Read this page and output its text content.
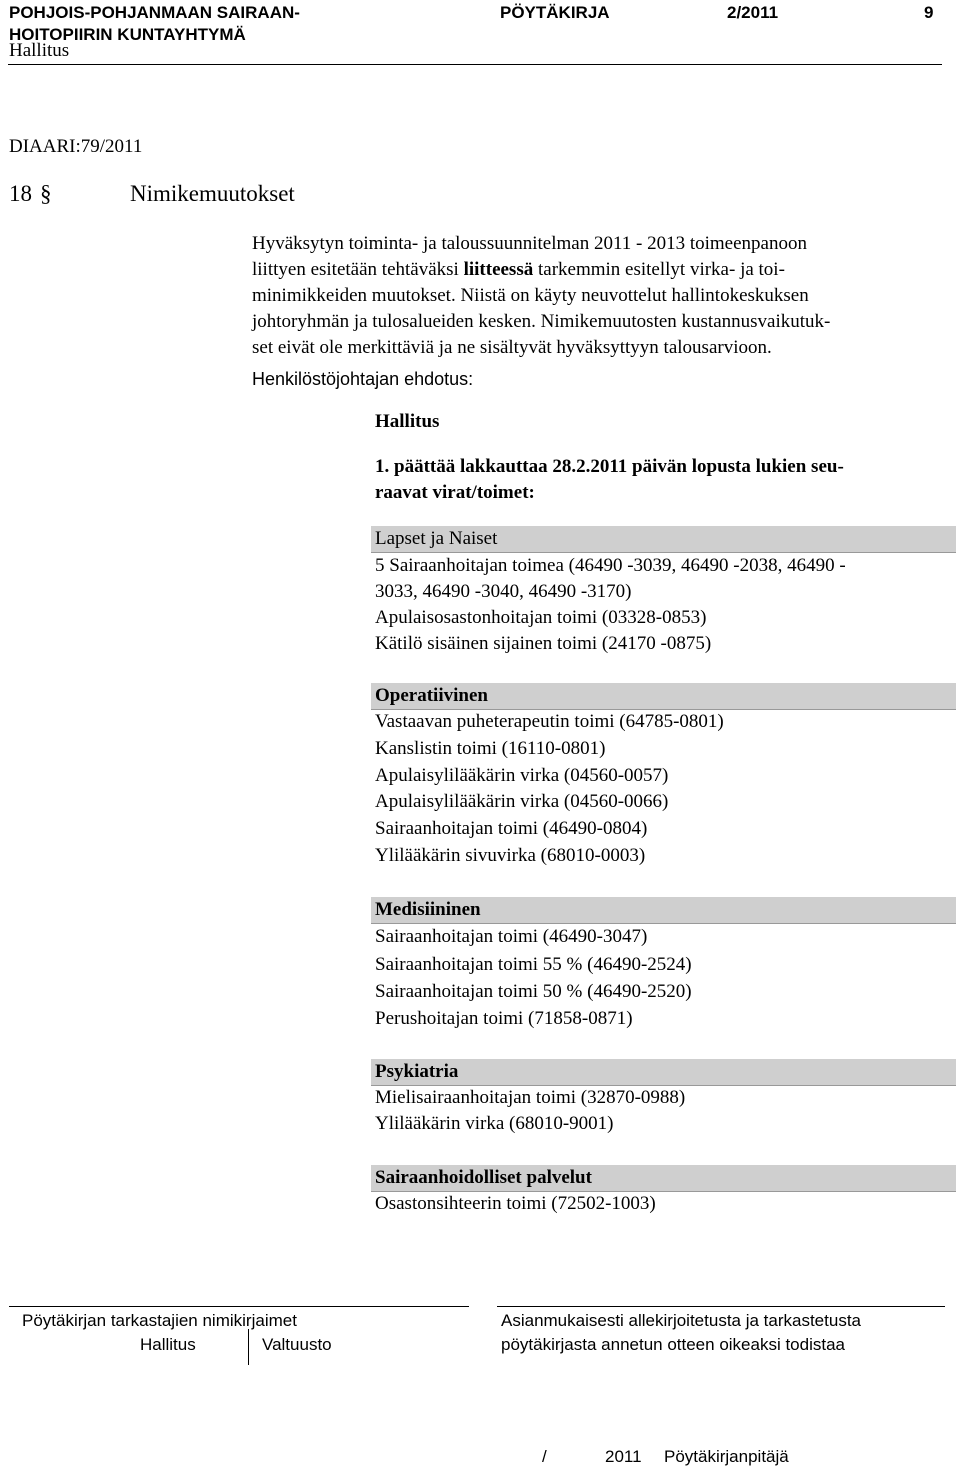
POHJOIS-POHJANMAAN SAIRAAN-
HOITOPIIRIN KUNTAYHTYMÄ
PÖYTÄKIRJA	2/2011	9
Hallitus
DIAARI:79/2011
18 §	Nimikemuutokset
Hyväksytyn toiminta- ja taloussuunnitelman 2011 - 2013 toimeenpanoon
liittyen esitetään tehtäväksi liitteessä tarkemmin esitellyt virka- ja toi-
minimikkeiden muutokset. Niistä on käyty neuvottelut hallintokeskuksen
johtoryhmän ja tulosalueiden kesken. Nimikemuutosten kustannusvaikutuk-
set eivät ole merkittäviä ja ne sisältyvät hyväksyttyyn talousarvioon.
Henkilöstöjohtajan ehdotus:
Hallitus
1. päättää lakkauttaa 28.2.2011 päivän lopusta lukien seu-
raavat virat/toimet:
Lapset ja Naiset
5 Sairaanhoitajan toimea (46490 -3039, 46490 -2038, 46490 -
3033, 46490 -3040, 46490 -3170)
Apulaisosastonhoitajan toimi (03328-0853)
Kätilö sisäinen sijainen toimi (24170 -0875)
Operatiivinen
Vastaavan puheterapeutin toimi (64785-0801)
Kanslistin toimi (16110-0801)
Apulaisylilääkärin virka (04560-0057)
Apulaisylilääkärin virka (04560-0066)
Sairaanhoitajan toimi (46490-0804)
Ylilääkärin sivuvirka (68010-0003)
Medisiininen
Sairaanhoitajan toimi (46490-3047)
Sairaanhoitajan toimi 55 % (46490-2524)
Sairaanhoitajan toimi 50 % (46490-2520)
Perushoitajan toimi (71858-0871)
Psykiatria
Mielisairaanhoitajan toimi (32870-0988)
Ylilääkärin virka (68010-9001)
Sairaanhoidolliset palvelut
Osastonsihteerin toimi (72502-1003)
Pöytäkirjan tarkastajien nimikirjaimet
Hallitus	Valtuusto
Asianmukaisesti allekirjoitetusta ja tarkastetusta
pöytäkirjasta annetun otteen oikeaksi todistaa
/	2011 Pöytäkirjanpitäjä
